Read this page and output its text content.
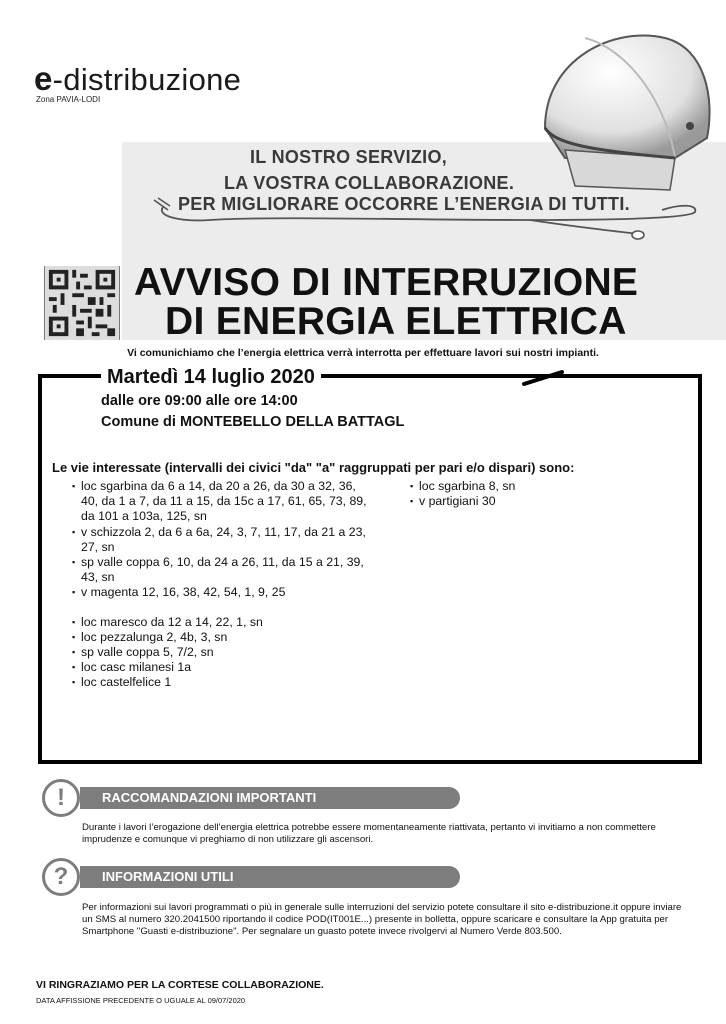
e-distribuzione
Zona PAVIA-LODI
IL NOSTRO SERVIZIO,
LA VOSTRA COLLABORAZIONE.
PER MIGLIORARE OCCORRE L’ENERGIA DI TUTTI.
AVVISO DI INTERRUZIONE
DI ENERGIA ELETTRICA
Vi comunichiamo che l’energia elettrica verrà interrotta per effettuare lavori sui nostri impianti.
Martedì 14 luglio 2020
dalle ore 09:00 alle ore 14:00
Comune di MONTEBELLO DELLA BATTAGL
Le vie interessate (intervalli dei civici "da" "a" raggruppati per pari e/o dispari) sono:

▪ loc sgarbina da 6 a 14, da 20 a 26, da 30 a 32, 36, 40, da 1 a 7, da 11 a 15, da 15c a 17, 61, 65, 73, 89, da 101 a 103a, 125, sn

▪ v schizzola 2, da 6 a 6a, 24, 3, 7, 11, 17, da 21 a 23, 27, sn

▪ sp valle coppa 6, 10, da 24 a 26, 11, da 15 a 21, 39, 43, sn

▪ v magenta 12, 16, 38, 42, 54, 1, 9, 25

▪ loc maresco da 12 a 14, 22, 1, sn

▪ loc pezzalunga 2, 4b, 3, sn

▪ sp valle coppa 5, 7/2, sn

▪ loc casc milanesi 1a

▪ loc castelfelice 1

▪ loc sgarbina 8, sn

▪ v partigiani 30

RACCOMANDAZIONI IMPORTANTI
!
Durante i lavori l’erogazione dell’energia elettrica potrebbe essere momentaneamente riattivata, pertanto vi invitiamo a non commettere imprudenze e comunque vi preghiamo di non utilizzare gli ascensori.
INFORMAZIONI UTILI
?
Per informazioni sui lavori programmati o più in generale sulle interruzioni del servizio potete consultare il sito e-distribuzione.it oppure inviare un SMS al numero 320.2041500 riportando il codice POD(IT001E...) presente in bolletta, oppure scaricare e consultare la App gratuita per Smartphone "Guasti e-distribuzione". Per segnalare un guasto potete invece rivolgervi al Numero Verde 803.500.
VI RINGRAZIAMO PER LA CORTESE COLLABORAZIONE.
DATA AFFISSIONE PRECEDENTE O UGUALE AL 09/07/2020
